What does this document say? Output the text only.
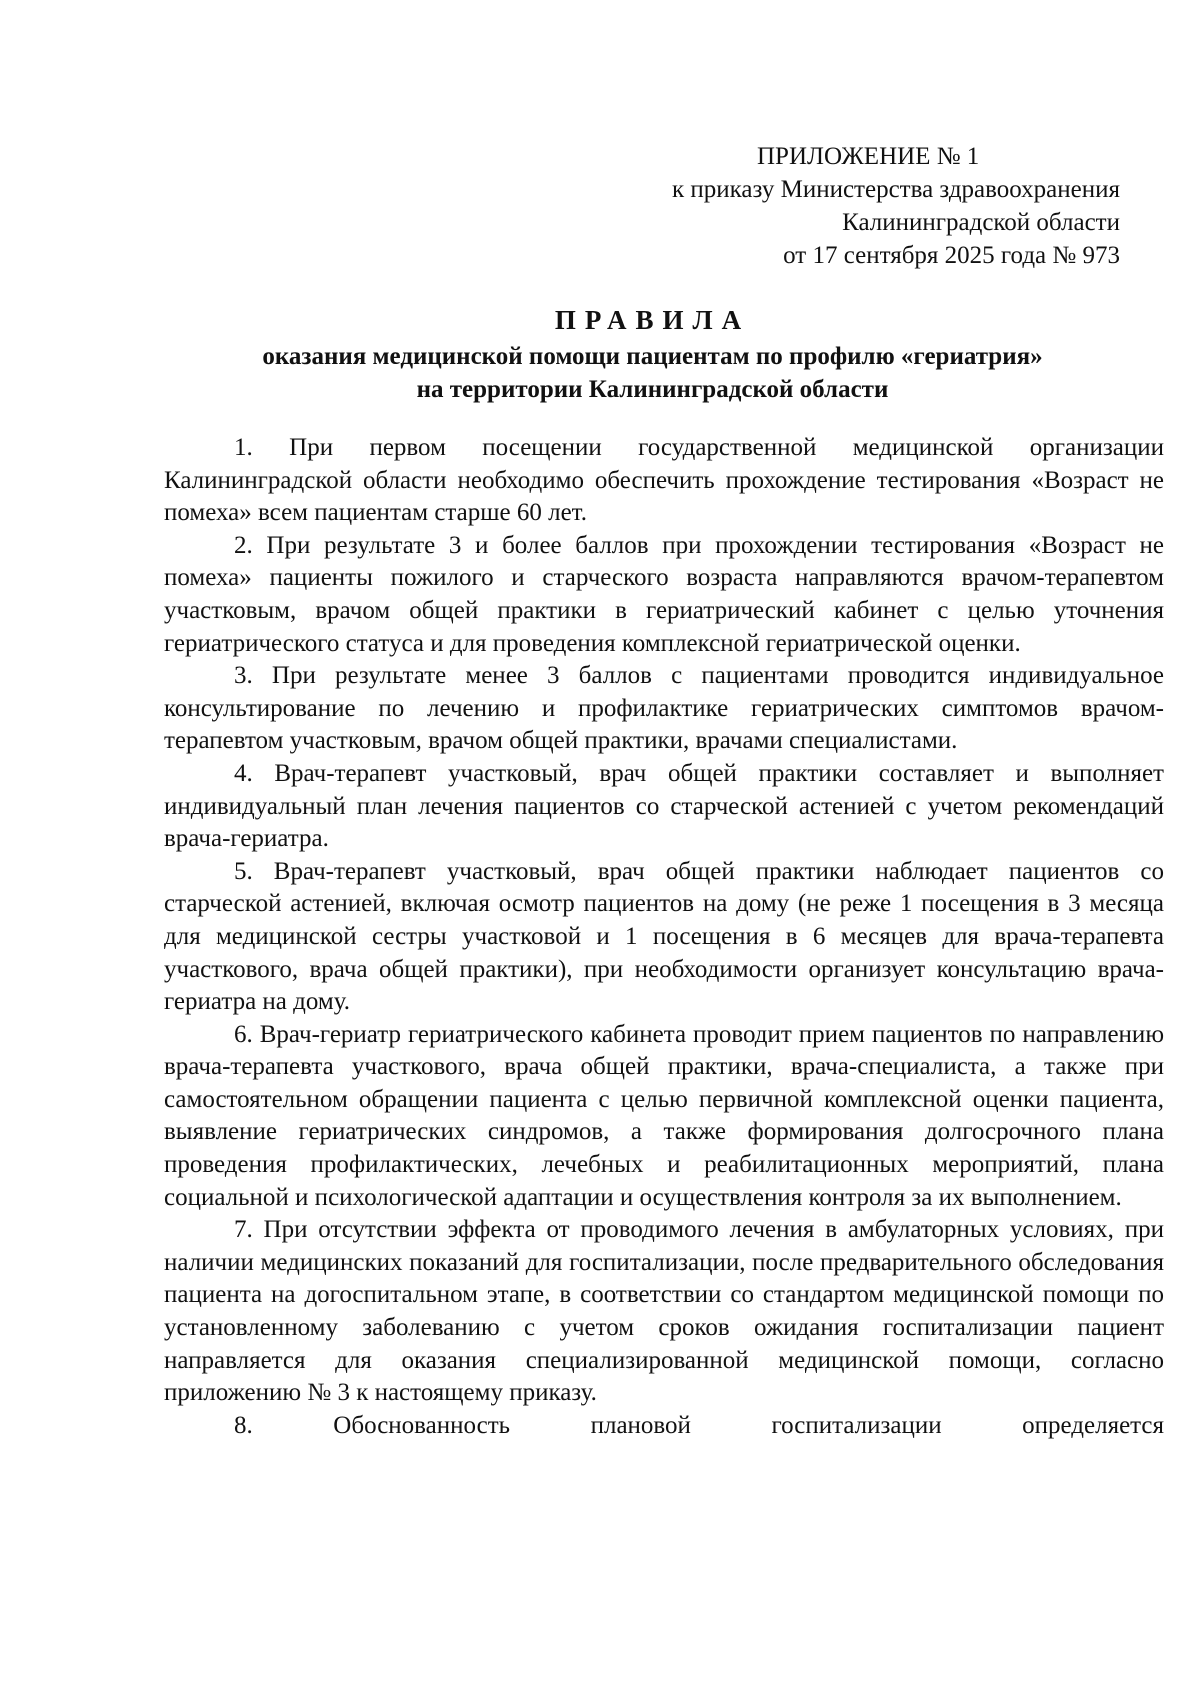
ПРИЛОЖЕНИЕ № 1
к приказу Министерства здравоохранения
Калининградской области
от 17 сентября 2025 года № 973
ПРАВИЛА
оказания медицинской помощи пациентам по профилю «гериатрия»
на территории Калининградской области

1. При первом посещении государственной медицинской организации Калининградской области необходимо обеспечить прохождение тестирования «Возраст не помеха» всем пациентам старше 60 лет.

2. При результате 3 и более баллов при прохождении тестирования «Возраст не помеха» пациенты пожилого и старческого возраста направляются врачом-терапевтом участковым, врачом общей практики в гериатрический кабинет с целью уточнения гериатрического статуса и для проведения комплексной гериатрической оценки.

3. При результате менее 3 баллов с пациентами проводится индивидуальное консультирование по лечению и профилактике гериатрических симптомов врачом-терапевтом участковым, врачом общей практики, врачами специалистами.

4. Врач-терапевт участковый, врач общей практики составляет и выполняет индивидуальный план лечения пациентов со старческой астенией с учетом рекомендаций врача-гериатра.

5. Врач-терапевт участковый, врач общей практики наблюдает пациентов со старческой астенией, включая осмотр пациентов на дому (не реже 1 посещения в 3 месяца для медицинской сестры участковой и 1 посещения в 6 месяцев для врача-терапевта участкового, врача общей практики), при необходимости организует консультацию врача-гериатра на дому.

6. Врач-гериатр гериатрического кабинета проводит прием пациентов по направлению врача-терапевта участкового, врача общей практики, врача-специалиста, а также при самостоятельном обращении пациента с целью первичной комплексной оценки пациента, выявление гериатрических синдромов, а также формирования долгосрочного плана проведения профилактических, лечебных и реабилитационных мероприятий, плана социальной и психологической адаптации и осуществления контроля за их выполнением.

7. При отсутствии эффекта от проводимого лечения в амбулаторных условиях, при наличии медицинских показаний для госпитализации, после предварительного обследования пациента на догоспитальном этапе, в соответствии со стандартом медицинской помощи по установленному заболеванию с учетом сроков ожидания госпитализации пациент направляется для оказания специализированной медицинской помощи, согласно приложению № 3 к настоящему приказу.

8. Обоснованность плановой госпитализации определяется
